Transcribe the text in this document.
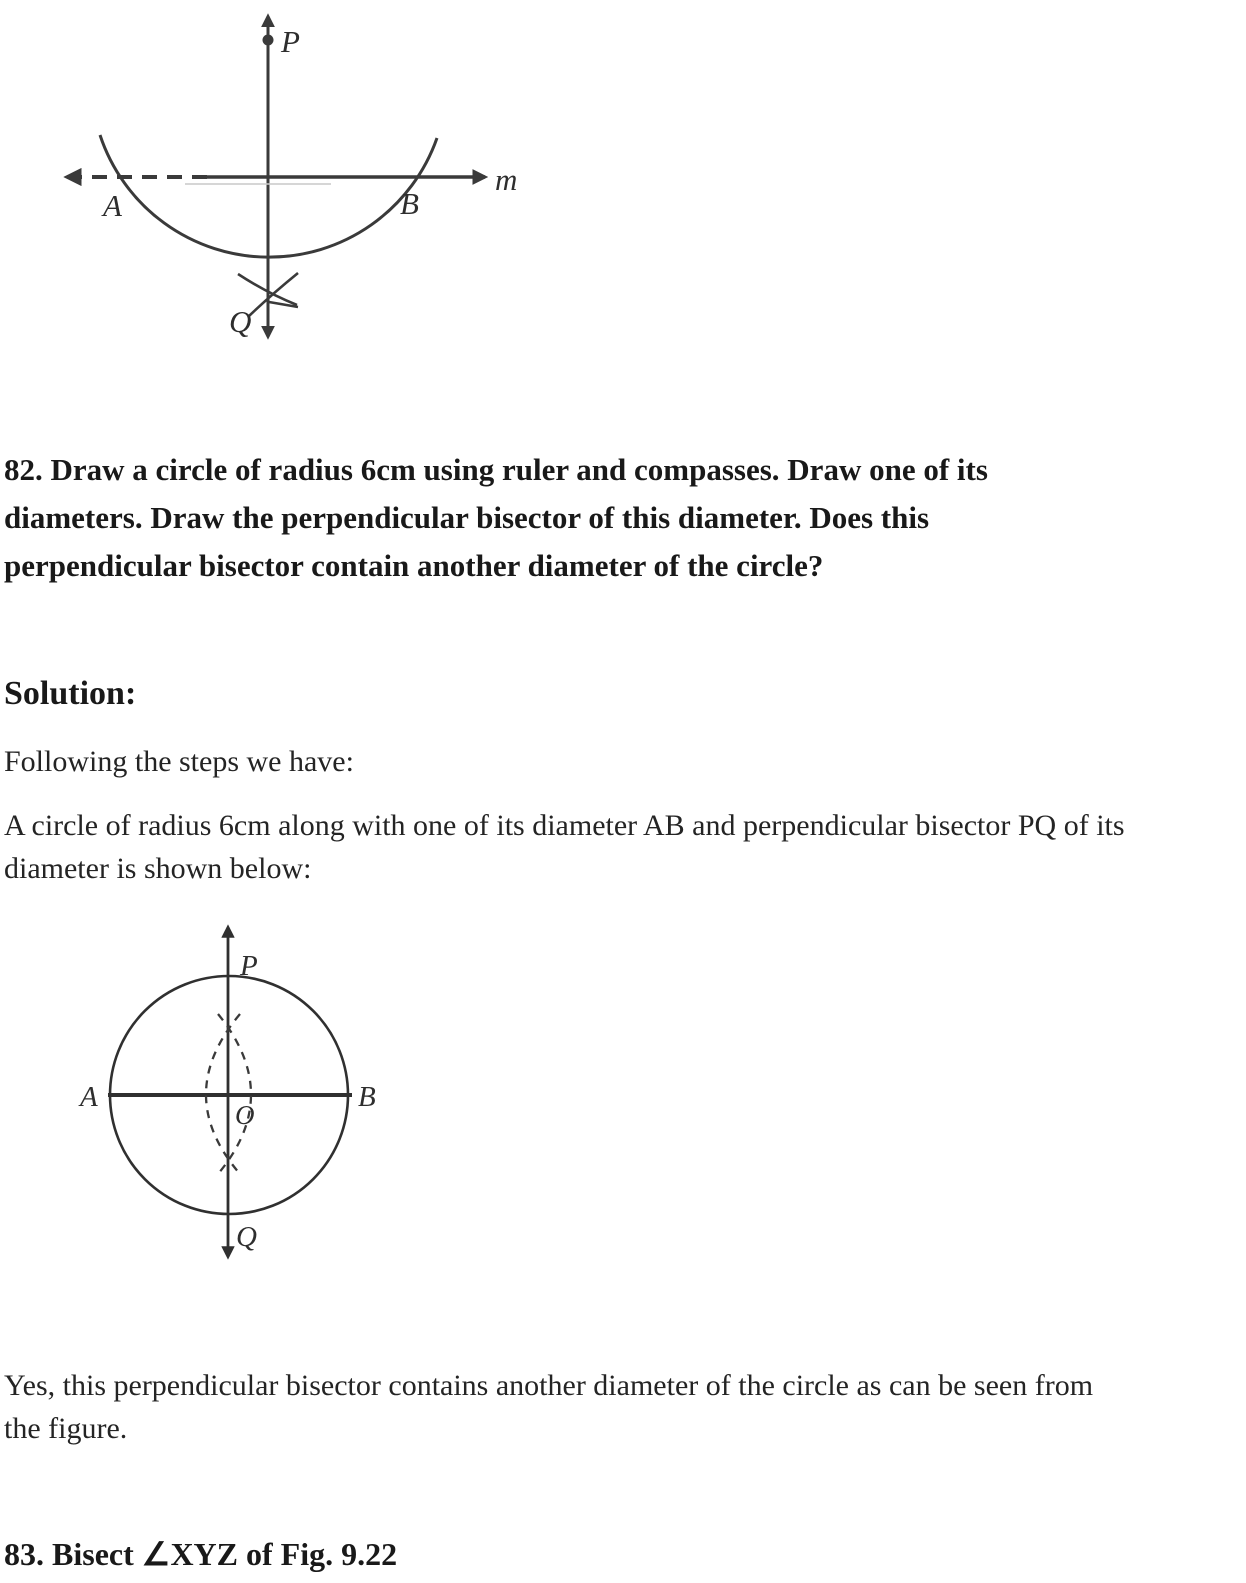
P
m
A	B
Q
82. Draw a circle of radius 6cm using ruler and compasses. Draw one of its
diameters. Draw the perpendicular bisector of this diameter. Does this
perpendicular bisector contain another diameter of the circle?
Solution:
Following the steps we have:
A circle of radius 6cm along with one of its diameter AB and perpendicular bisector PQ of its
diameter is shown below:
P
Q
A	B
O
Yes, this perpendicular bisector contains another diameter of the circle as can be seen from
the figure.
83. Bisect ∠XYZ of Fig. 9.22
